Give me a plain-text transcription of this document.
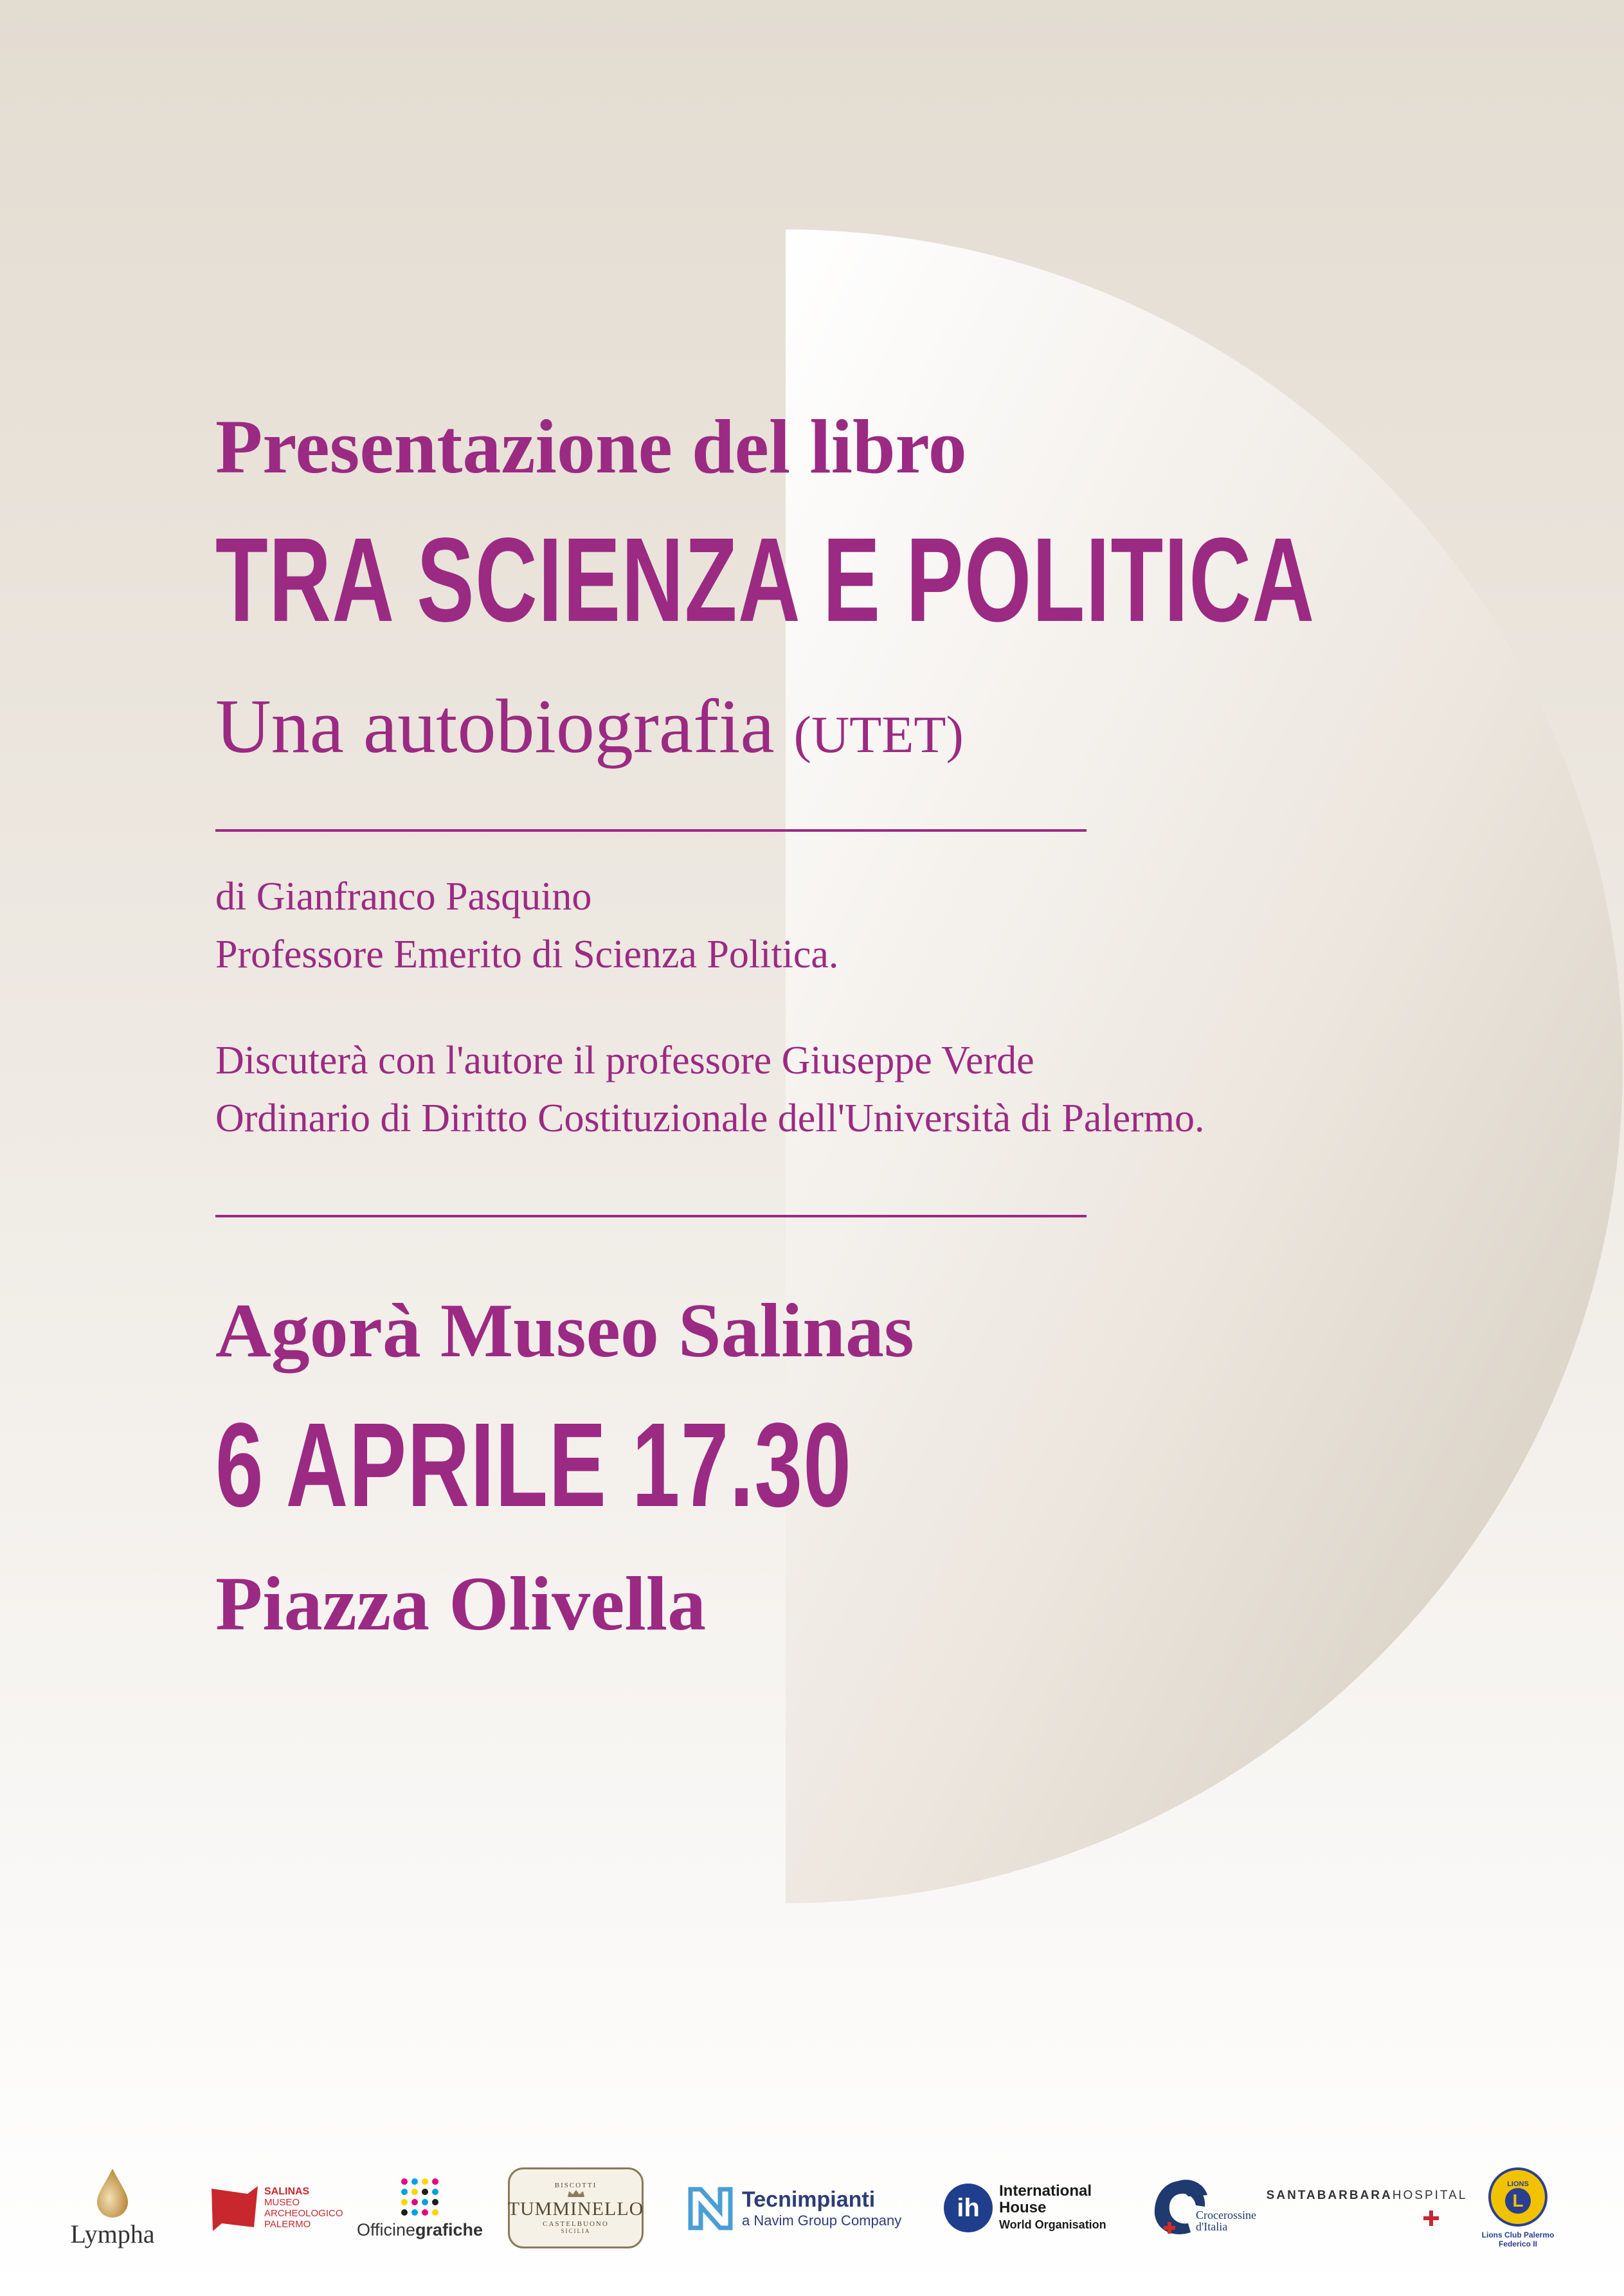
Presentazione del libro
TRA SCIENZA E POLITICA
Una autobiografia (UTET)

di Gianfranco Pasquino

Professore Emerito di Scienza Politica.

Discuterà con l'autore il professore Giuseppe Verde

Ordinario di Diritto Costituzionale dell'Università di Palermo.

Agorà Museo Salinas
6 APRILE 17.30
Piazza Olivella
Lympha
SALINAS
MUSEO
ARCHEOLOGICO
PALERMO	Officinegrafiche
BISCOTTI
TUMMINELLO
CASTELBUONO
SICILIA
Tecnimpianti
a Navim Group Company	ih
International
House
World Organisation
Crocerossine
d'Italia
SANTABARBARAHOSPITAL
LIONS
L
Lions Club Palermo
Federico II
